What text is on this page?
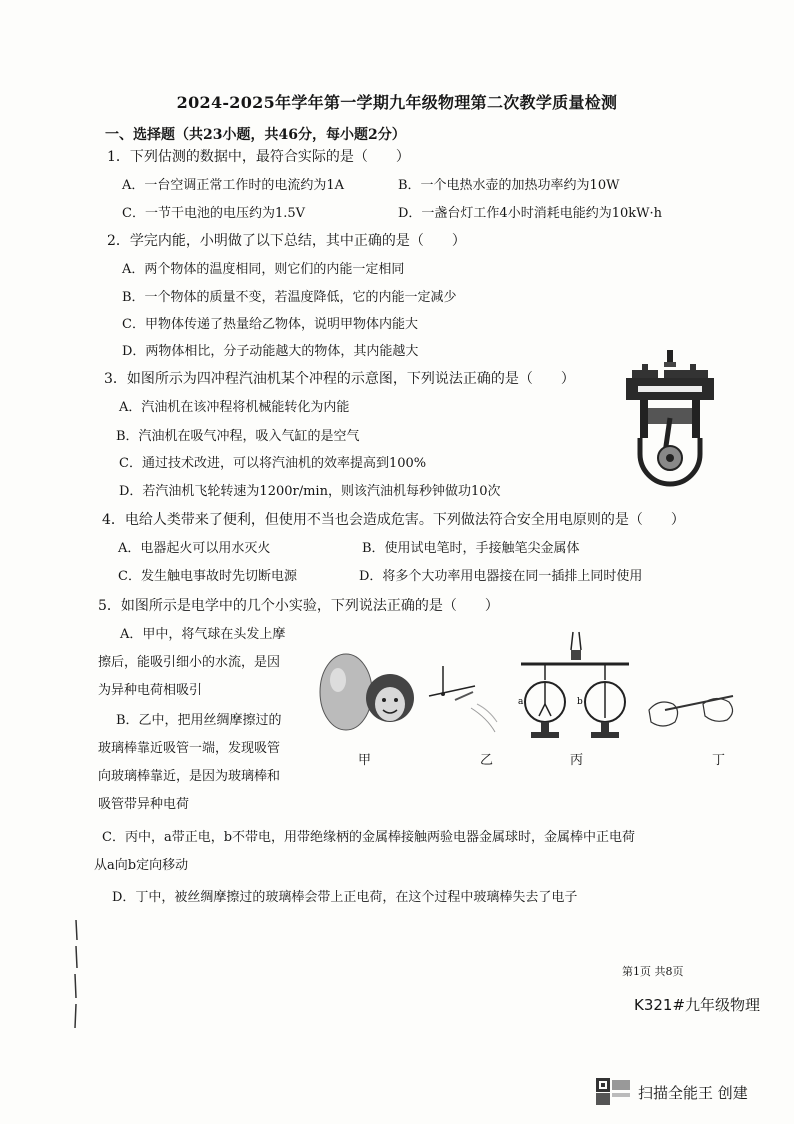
2024-2025年学年第一学期九年级物理第二次教学质量检测
一、选择题（共23小题，共46分，每小题2分）
1．下列估测的数据中，最符合实际的是（　　）
A．一台空调正常工作时的电流约为1A	B．一个电热水壶的加热功率约为10W
C．一节干电池的电压约为1.5V	D．一盏台灯工作4小时消耗电能约为10kW·h
2．学完内能，小明做了以下总结，其中正确的是（　　）
A．两个物体的温度相同，则它们的内能一定相同
B．一个物体的质量不变，若温度降低，它的内能一定减少
C．甲物体传递了热量给乙物体，说明甲物体内能大
D．两物体相比，分子动能越大的物体，其内能越大
3．如图所示为四冲程汽油机某个冲程的示意图，下列说法正确的是（　　）
A．汽油机在该冲程将机械能转化为内能
B．汽油机在吸气冲程，吸入气缸的是空气
C．通过技术改进，可以将汽油机的效率提高到100%
D．若汽油机飞轮转速为1200r/min，则该汽油机每秒钟做功10次
4．电给人类带来了便利，但使用不当也会造成危害。下列做法符合安全用电原则的是（　　）
A．电器起火可以用水灭火	B．使用试电笔时，手接触笔尖金属体
C．发生触电事故时先切断电源	D．将多个大功率用电器接在同一插排上同时使用
5．如图所示是电学中的几个小实验，下列说法正确的是（　　）
A．甲中，将气球在头发上摩
擦后，能吸引细小的水流，是因
为异种电荷相吸引
B．乙中，把用丝绸摩擦过的
玻璃棒靠近吸管一端，发现吸管
向玻璃棒靠近，是因为玻璃棒和
吸管带异种电荷
C．丙中，a带正电，b不带电，用带绝缘柄的金属棒接触两验电器金属球时，金属棒中正电荷
从a向b定向移动
D．丁中，被丝绸摩擦过的玻璃棒会带上正电荷，在这个过程中玻璃棒失去了电子
a	b
甲	乙	丙	丁
第1页 共8页
K321#九年级物理
扫描全能王 创建
